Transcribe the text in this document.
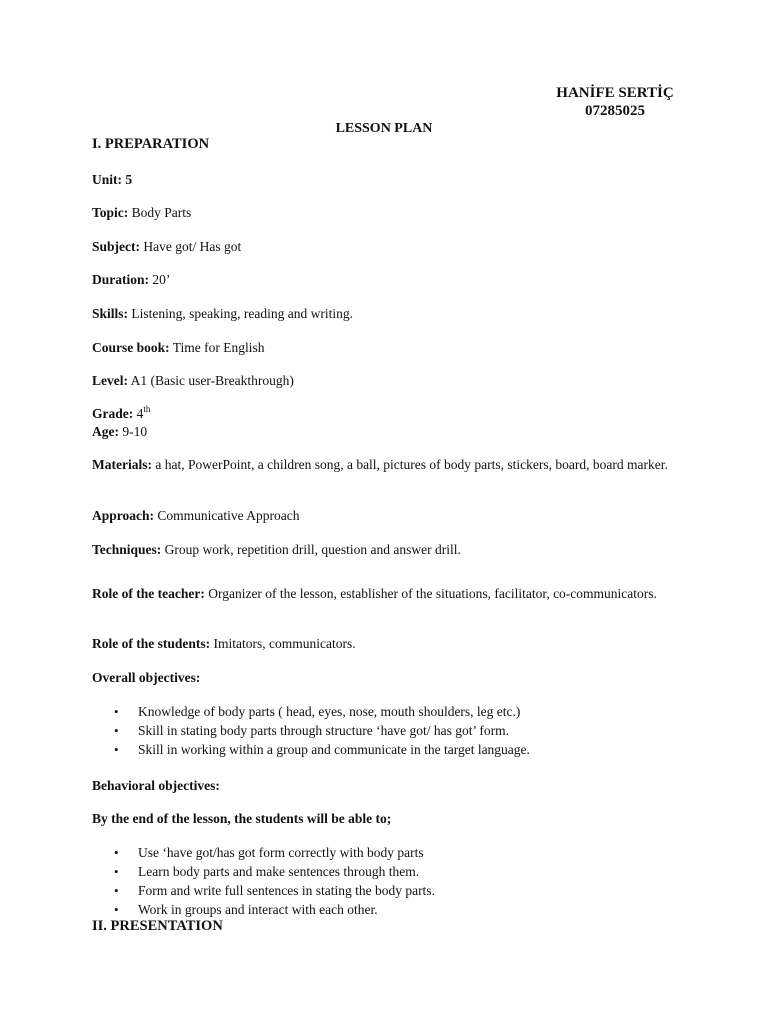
HANİFE SERTİÇ
07285025
LESSON PLAN
I. PREPARATION
Unit: 5
Topic: Body Parts
Subject: Have got/ Has got
Duration: 20’
Skills: Listening, speaking, reading and writing.
Course book: Time for English
Level: A1 (Basic user-Breakthrough)
Grade: 4th
Age: 9-10
Materials: a hat, PowerPoint, a children song, a ball, pictures of body parts, stickers, board, board marker.
Approach: Communicative Approach
Techniques: Group work, repetition drill, question and answer drill.
Role of the teacher: Organizer of the lesson, establisher of the situations, facilitator, co-communicators.
Role of the students: Imitators, communicators.
Overall objectives:
• Knowledge of body parts ( head, eyes, nose, mouth shoulders, leg etc.)
• Skill in stating body parts through structure ‘have got/ has got’ form.
• Skill in working within a group and communicate in the target language.
Behavioral objectives:
By the end of the lesson, the students will be able to;
• Use ‘have got/has got form correctly with body parts
• Learn body parts and make sentences through them.
• Form and write full sentences in stating the body parts.
• Work in groups and interact with each other.
II. PRESENTATION
